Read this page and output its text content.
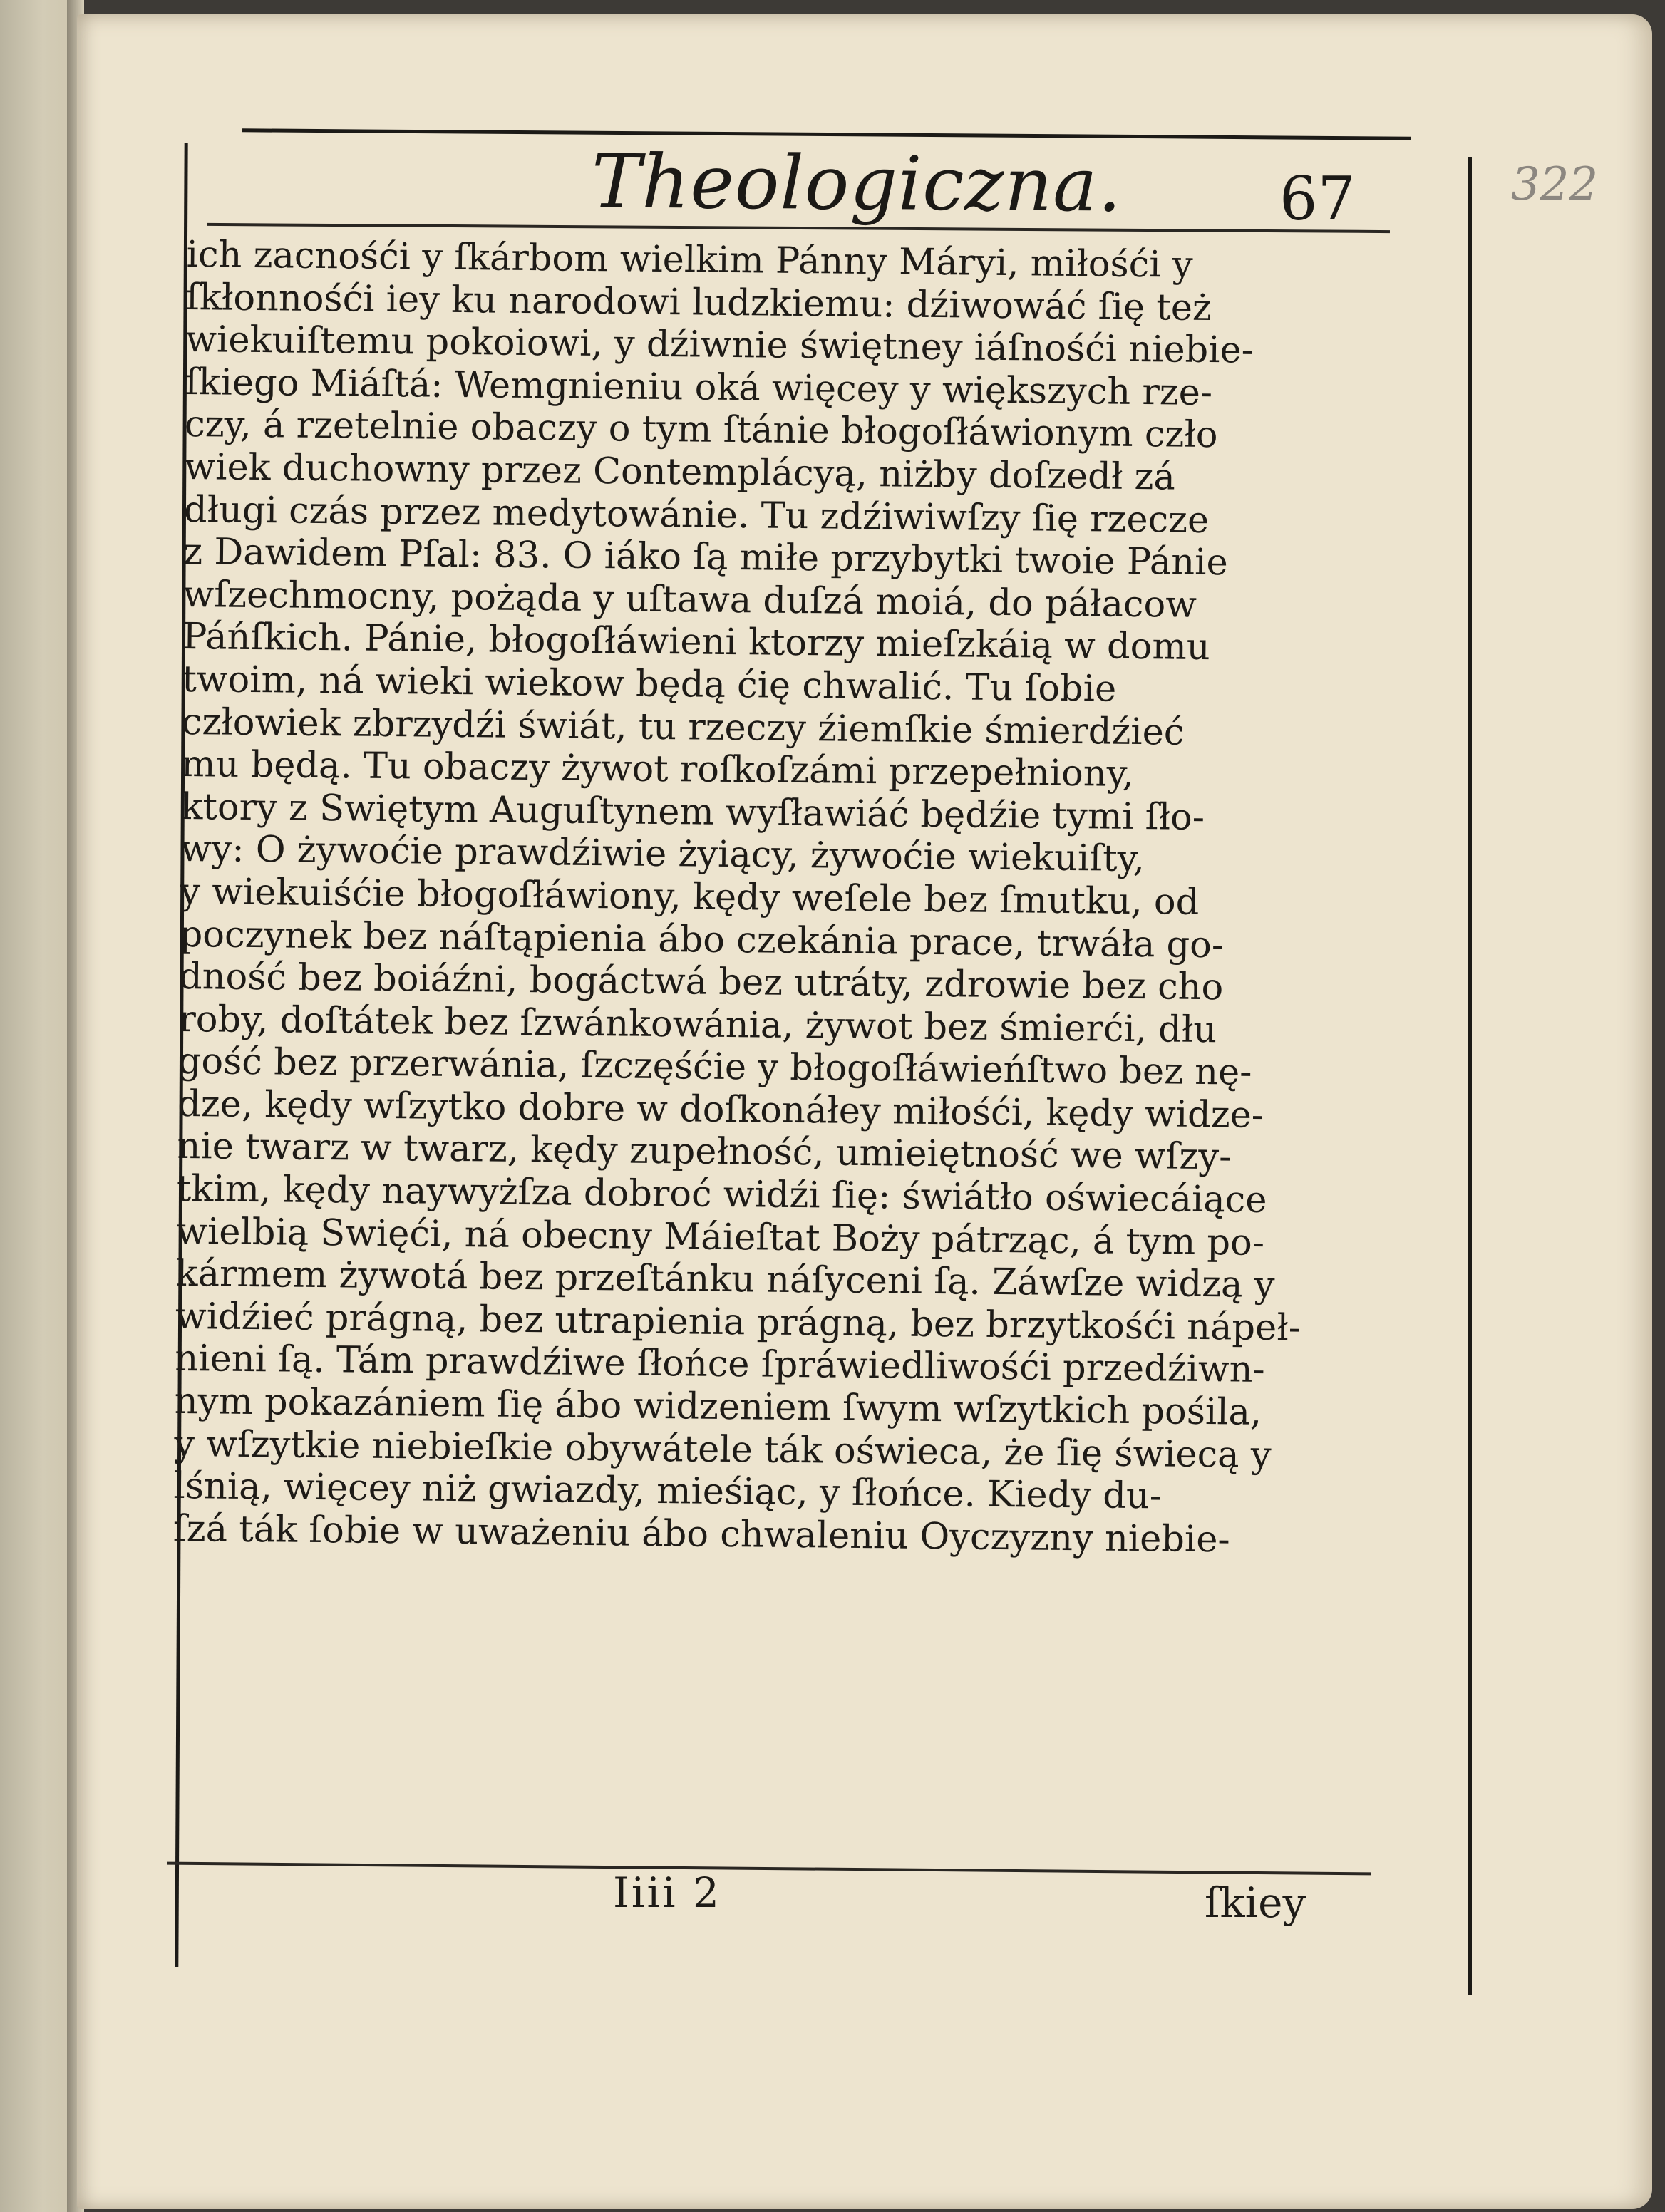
Theologiczna.	67	322
ich zacnośći y ſkárbom wielkim Pánny Máryi, miłośći y
ſkłonnośći iey ku narodowi ludzkiemu: dźiwowáć ſię też
wiekuiſtemu pokoiowi, y dźiwnie świętney iáſnośći niebie-
ſkiego Miáſtá: Wemgnieniu oká więcey y większych rze-
czy, á rzetelnie obaczy o tym ſtánie błogoſłáwionym czło
wiek duchowny przez Contemplácyą, niżby doſzedł zá
długi czás przez medytowánie. Tu zdźiwiwſzy ſię rzecze
z Dawidem Pſal: 83. O iáko ſą miłe przybytki twoie Pánie
wſzechmocny, pożąda y uſtawa duſzá moiá, do páłacow
Páńſkich. Pánie, błogoſłáwieni ktorzy mieſzkáią w domu
twoim, ná wieki wiekow będą ćię chwalić. Tu ſobie
człowiek zbrzydźi świát, tu rzeczy źiemſkie śmierdźieć
mu będą. Tu obaczy żywot roſkoſzámi przepełniony,
ktory z Swiętym Auguſtynem wyſławiáć będźie tymi ſło-
wy: O żywoćie prawdźiwie żyiący, żywoćie wiekuiſty,
y wiekuiśćie błogoſłáwiony, kędy weſele bez ſmutku, od
poczynek bez náſtąpienia ábo czekánia prace, trwáła go-
dność bez boiáźni, bogáctwá bez utráty, zdrowie bez cho
roby, doſtátek bez ſzwánkowánia, żywot bez śmierći, dłu
gość bez przerwánia, ſzczęśćie y błogoſłáwieńſtwo bez nę-
dze, kędy wſzytko dobre w doſkonáłey miłośći, kędy widze-
nie twarz w twarz, kędy zupełność, umieiętność we wſzy-
tkim, kędy naywyżſza dobroć widźi ſię: świátło oświecáiące
wielbią Swięći, ná obecny Máieſtat Boży pátrząc, á tym po-
kármem żywotá bez przeſtánku náſyceni ſą. Záwſze widzą y
widźieć prágną, bez utrapienia prágną, bez brzytkośći nápeł-
nieni ſą. Tám prawdźiwe ſłońce ſpráwiedliwośći przedźiwn-
nym pokazániem ſię ábo widzeniem ſwym wſzytkich pośila,
y wſzytkie niebieſkie obywátele ták oświeca, że ſię świecą y
lśnią, więcey niż gwiazdy, mieśiąc, y ſłońce. Kiedy du-
ſzá ták ſobie w uważeniu ábo chwaleniu Oyczyzny niebie-
Iiii 2	ſkiey
